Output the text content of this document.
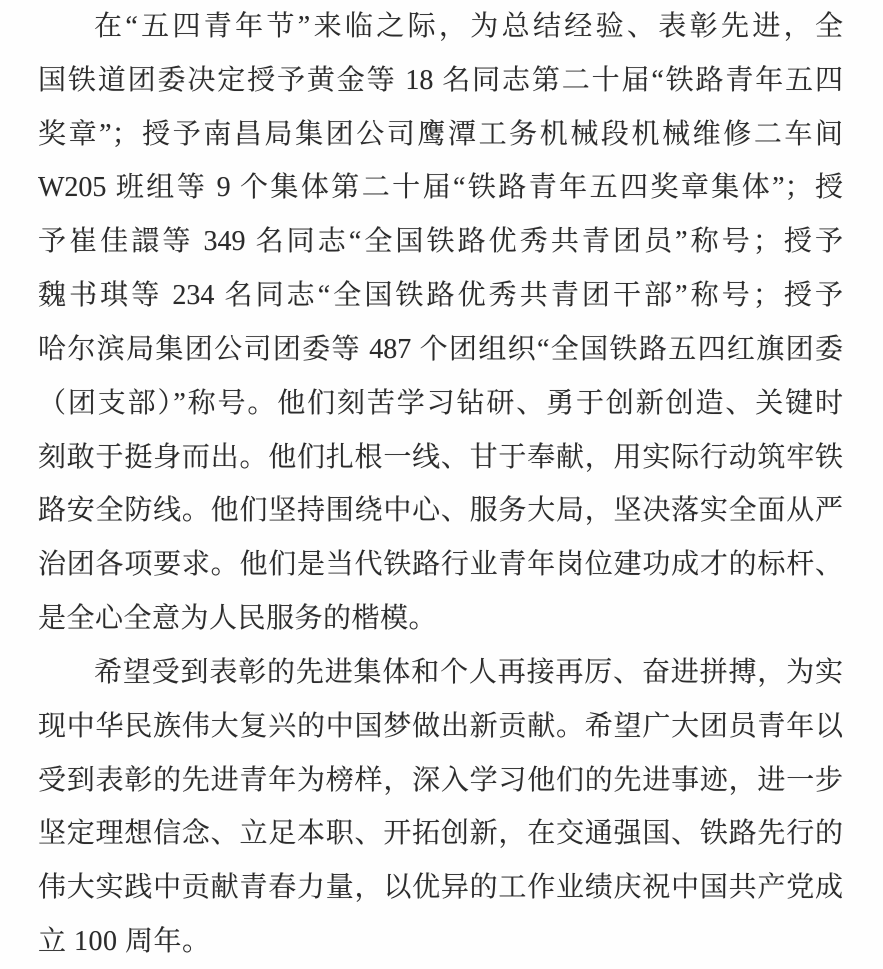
在“五四青年节”来临之际，为总结经验、表彰先进，全
国铁道团委决定授予黄金等 18 名同志第二十届“铁路青年五四
奖章”；授予南昌局集团公司鹰潭工务机械段机械维修二车间
W205 班组等 9 个集体第二十届“铁路青年五四奖章集体”；授
予崔佳譞等 349 名同志“全国铁路优秀共青团员”称号；授予
魏书琪等 234 名同志“全国铁路优秀共青团干部”称号；授予
哈尔滨局集团公司团委等 487 个团组织“全国铁路五四红旗团委
（团支部）”称号。他们刻苦学习钻研、勇于创新创造、关键时
刻敢于挺身而出。他们扎根一线、甘于奉献，用实际行动筑牢铁
路安全防线。他们坚持围绕中心、服务大局，坚决落实全面从严
治团各项要求。他们是当代铁路行业青年岗位建功成才的标杆、
是全心全意为人民服务的楷模。
希望受到表彰的先进集体和个人再接再厉、奋进拼搏，为实
现中华民族伟大复兴的中国梦做出新贡献。希望广大团员青年以
受到表彰的先进青年为榜样，深入学习他们的先进事迹，进一步
坚定理想信念、立足本职、开拓创新，在交通强国、铁路先行的
伟大实践中贡献青春力量，以优异的工作业绩庆祝中国共产党成
立 100 周年。
